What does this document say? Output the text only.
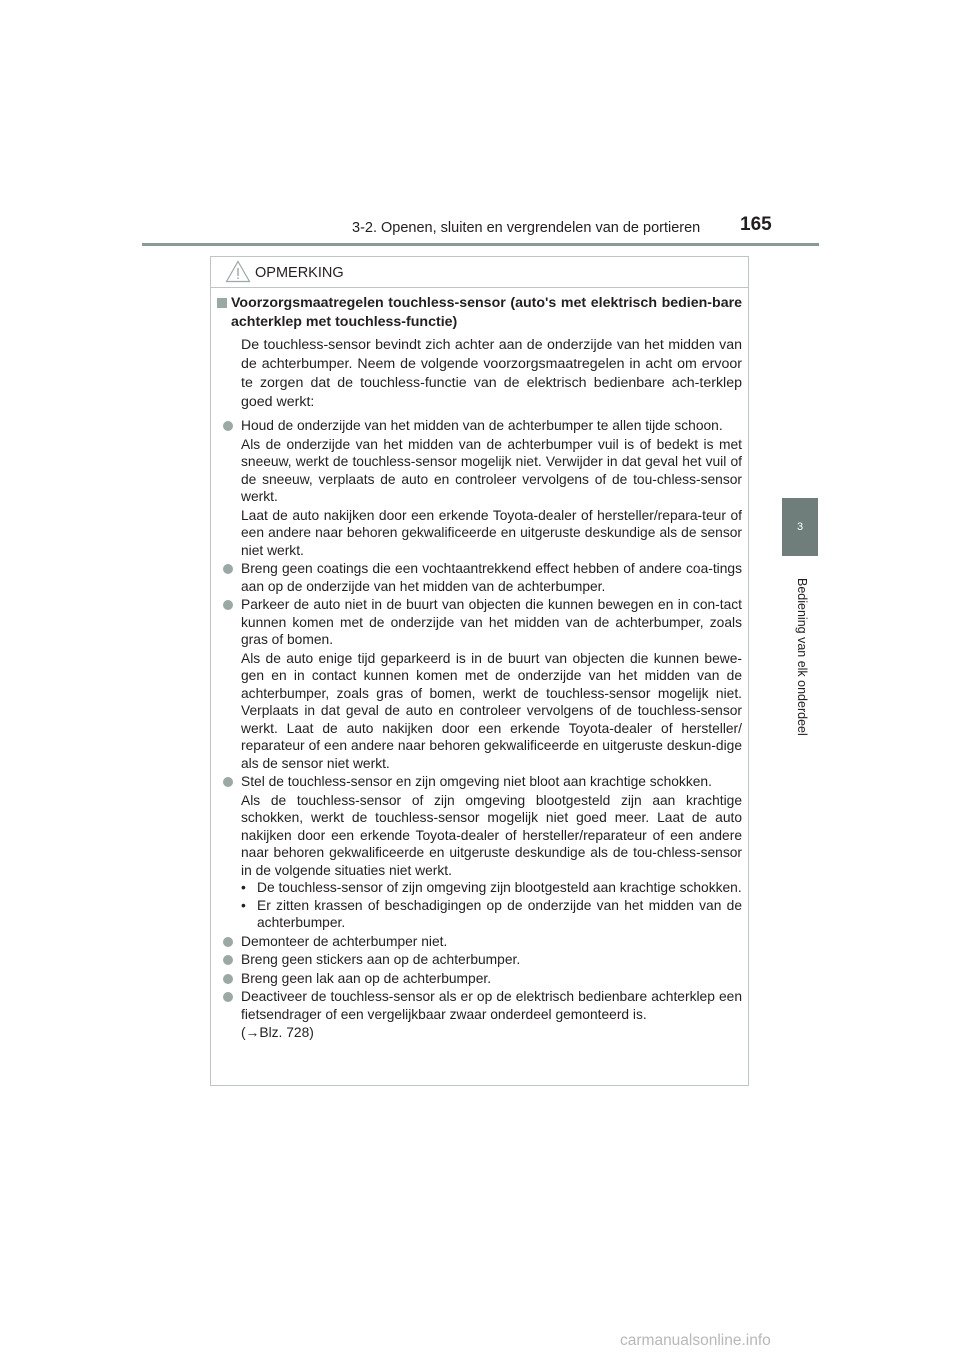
3-2. Openen, sluiten en vergrendelen van de portieren 165
3
Bediening van elk onderdeel
OPMERKING
Voorzorgsmaatregelen touchless-sensor (auto's met elektrisch bedien-bare achterklep met touchless-functie)
De touchless-sensor bevindt zich achter aan de onderzijde van het midden van de achterbumper. Neem de volgende voorzorgsmaatregelen in acht om ervoor te zorgen dat de touchless-functie van de elektrisch bedienbare ach-terklep goed werkt:
Houd de onderzijde van het midden van de achterbumper te allen tijde schoon.
Als de onderzijde van het midden van de achterbumper vuil is of bedekt is met sneeuw, werkt de touchless-sensor mogelijk niet. Verwijder in dat geval het vuil of de sneeuw, verplaats de auto en controleer vervolgens of de tou-chless-sensor werkt.
Laat de auto nakijken door een erkende Toyota-dealer of hersteller/repara-teur of een andere naar behoren gekwalificeerde en uitgeruste deskundige als de sensor niet werkt.
Breng geen coatings die een vochtaantrekkend effect hebben of andere coa-tings aan op de onderzijde van het midden van de achterbumper.
Parkeer de auto niet in de buurt van objecten die kunnen bewegen en in con-tact kunnen komen met de onderzijde van het midden van de achterbumper, zoals gras of bomen.
Als de auto enige tijd geparkeerd is in de buurt van objecten die kunnen bewe-gen en in contact kunnen komen met de onderzijde van het midden van de achterbumper, zoals gras of bomen, werkt de touchless-sensor mogelijk niet. Verplaats in dat geval de auto en controleer vervolgens of de touchless-sensor werkt. Laat de auto nakijken door een erkende Toyota-dealer of hersteller/ reparateur of een andere naar behoren gekwalificeerde en uitgeruste deskun-dige als de sensor niet werkt.
Stel de touchless-sensor en zijn omgeving niet bloot aan krachtige schokken.
Als de touchless-sensor of zijn omgeving blootgesteld zijn aan krachtige schokken, werkt de touchless-sensor mogelijk niet goed meer. Laat de auto nakijken door een erkende Toyota-dealer of hersteller/reparateur of een andere naar behoren gekwalificeerde en uitgeruste deskundige als de tou-chless-sensor in de volgende situaties niet werkt.
• De touchless-sensor of zijn omgeving zijn blootgesteld aan krachtige schokken.
• Er zitten krassen of beschadigingen op de onderzijde van het midden van de achterbumper.
Demonteer de achterbumper niet.
Breng geen stickers aan op de achterbumper.
Breng geen lak aan op de achterbumper.
Deactiveer de touchless-sensor als er op de elektrisch bedienbare achterklep een fietsendrager of een vergelijkbaar zwaar onderdeel gemonteerd is.
(→Blz. 728)
carmanualsonline.info
